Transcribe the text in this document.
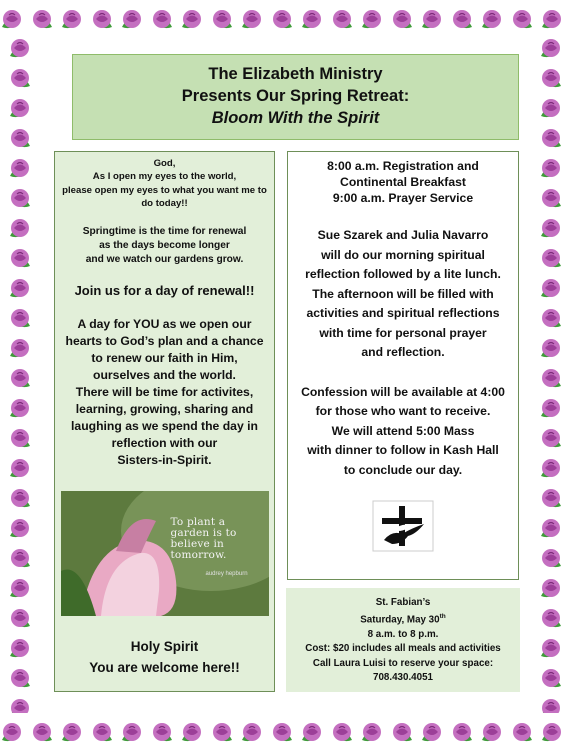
The Elizabeth Ministry
Presents Our Spring Retreat:
Bloom With the Spirit
God,
As I open my eyes to the world,
please open my eyes to what you want me to
do today!!
Springtime is the time for renewal
as the days become longer
and we watch our gardens grow.
Join us for a day of renewal!!
A day for YOU as we open our
hearts to God’s plan and a chance
to renew our faith in Him,
ourselves and the world.
There will be time for activites,
learning, growing, sharing and
laughing as we spend the day in
reflection with our
Sisters-in-Spirit.
To plant a garden is to believe in tomorrow.
audrey hepburn
Holy Spirit
You are welcome here!!
8:00 a.m. Registration and
Continental Breakfast
9:00 a.m. Prayer Service
Sue Szarek and Julia Navarro
will do our morning spiritual
reflection followed by a lite lunch.
The afternoon will be filled with
activities and spiritual reflections
with time for personal prayer
and reflection.
Confession will be available at 4:00
for those who want to receive.
We will attend 5:00 Mass
with dinner to follow in Kash Hall
to conclude our day.
St. Fabian’s
Saturday, May 30th
8 a.m. to 8 p.m.
Cost: $20 includes all meals and activities
Call Laura Luisi to reserve your space:
708.430.4051
